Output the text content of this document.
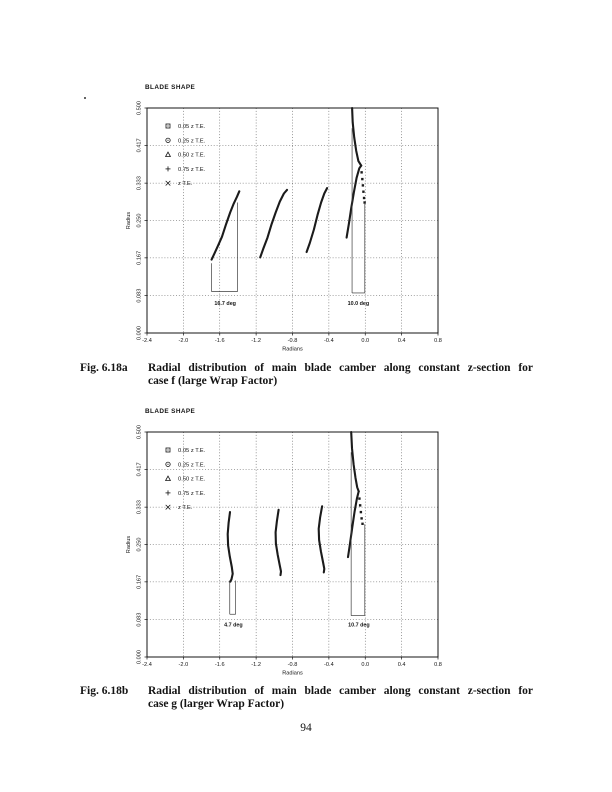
BLADE SHAPE
-2.4	-2.0	-1.6	-1.2	-0.8	-0.4	0.0	0.4	0.8
Radians
0.000
0.083
0.167
0.250
0.333
0.417
0.500
Radius
0.05 z T.E.
0.25 z T.E.
0.50 z T.E.
0.75 z T.E.
z T.E.
16.7 deg	10.0 deg
Fig. 6.18a	Radial distribution of main blade camber along constant z-section for
case f (large Wrap Factor)
BLADE SHAPE
-2.4	-2.0	-1.6	-1.2	-0.8	-0.4	0.0	0.4	0.8
Radians
0.000
0.083
0.167
0.250
0.333
0.417
0.500
Radius
0.05 z T.E.
0.25 z T.E.
0.50 z T.E.
0.75 z T.E.
z T.E.
4.7 deg	10.7 deg
Fig. 6.18b	Radial distribution of main blade camber along constant z-section for
case g (larger Wrap Factor)
94
